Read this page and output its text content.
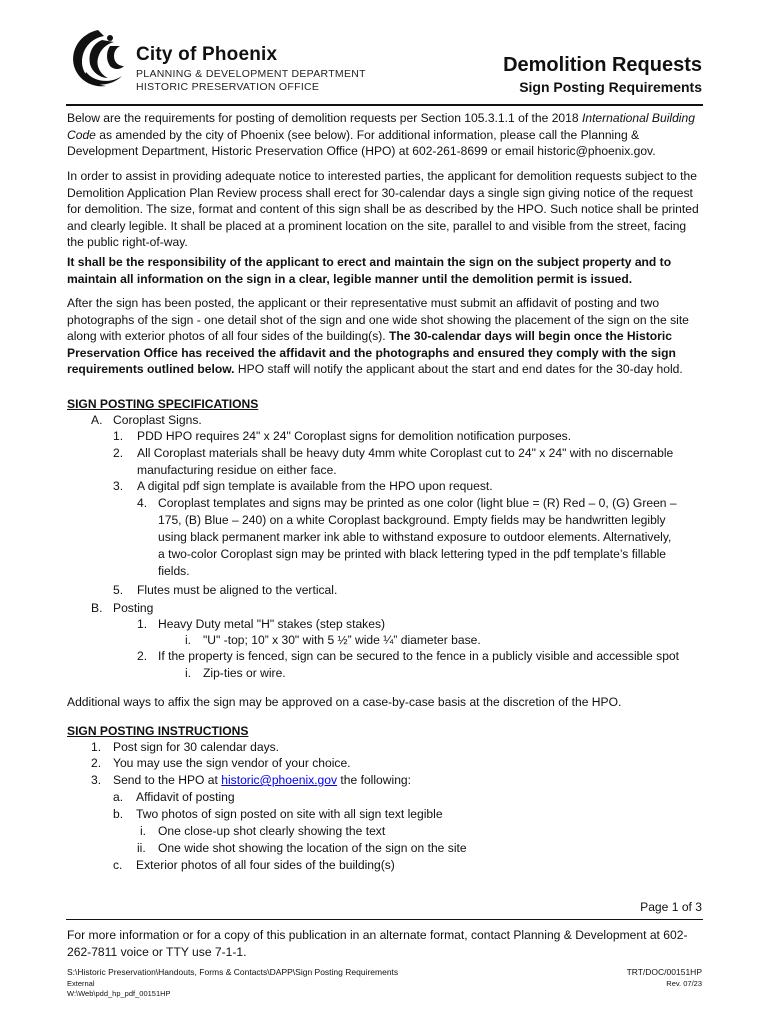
City of Phoenix
PLANNING & DEVELOPMENT DEPARTMENT
HISTORIC PRESERVATION OFFICE
Demolition Requests
Sign Posting Requirements

Below are the requirements for posting of demolition requests per Section 105.3.1.1 of the 2018 International Building Code as amended by the city of Phoenix (see below). For additional information, please call the Planning & Development Department, Historic Preservation Office (HPO) at 602-261-8699 or email historic@phoenix.gov.

In order to assist in providing adequate notice to interested parties, the applicant for demolition requests subject to the Demolition Application Plan Review process shall erect for 30-calendar days a single sign giving notice of the request for demolition. The size, format and content of this sign shall be as described by the HPO. Such notice shall be printed and clearly legible. It shall be placed at a prominent location on the site, parallel to and visible from the street, facing the public right-of-way.

It shall be the responsibility of the applicant to erect and maintain the sign on the subject property and to maintain all information on the sign in a clear, legible manner until the demolition permit is issued.

After the sign has been posted, the applicant or their representative must submit an affidavit of posting and two photographs of the sign - one detail shot of the sign and one wide shot showing the placement of the sign on the site along with exterior photos of all four sides of the building(s). The 30-calendar days will begin once the Historic Preservation Office has received the affidavit and the photographs and ensured they comply with the sign requirements outlined below. HPO staff will notify the applicant about the start and end dates for the 30-day hold.

SIGN POSTING SPECIFICATIONS
A. Coroplast Signs.
1. PDD HPO requires 24" x 24" Coroplast signs for demolition notification purposes.
2. All Coroplast materials shall be heavy duty 4mm white Coroplast cut to 24" x 24" with no discernable
manufacturing residue on either face.
3. A digital pdf sign template is available from the HPO upon request.
4. Coroplast templates and signs may be printed as one color (light blue = (R) Red – 0, (G) Green –
175, (B) Blue – 240) on a white Coroplast background. Empty fields may be handwritten legibly
using black permanent marker ink able to withstand exposure to outdoor elements. Alternatively,
a two-color Coroplast sign may be printed with black lettering typed in the pdf template’s fillable
fields.
5. Flutes must be aligned to the vertical.
B. Posting
1. Heavy Duty metal "H" stakes (step stakes)
i. "U" -top; 10” x 30" with 5 ½” wide ¼” diameter base.
2. If the property is fenced, sign can be secured to the fence in a publicly visible and accessible spot
i. Zip-ties or wire.
Additional ways to affix the sign may be approved on a case-by-case basis at the discretion of the HPO.
SIGN POSTING INSTRUCTIONS
1. Post sign for 30 calendar days.
2. You may use the sign vendor of your choice.
3. Send to the HPO at historic@phoenix.gov the following:
a. Affidavit of posting
b. Two photos of sign posted on site with all sign text legible
i. One close-up shot clearly showing the text
ii. One wide shot showing the location of the sign on the site
c. Exterior photos of all four sides of the building(s)
Page 1 of 3

For more information or for a copy of this publication in an alternate format, contact Planning & Development at 602-262-7811 voice or TTY use 7-1-1.

S:\Historic Preservation\Handouts, Forms & Contacts\DAPP\Sign Posting Requirements
External
W:\Web\pdd_hp_pdf_00151HP
TRT/DOC/00151HP
Rev. 07/23
